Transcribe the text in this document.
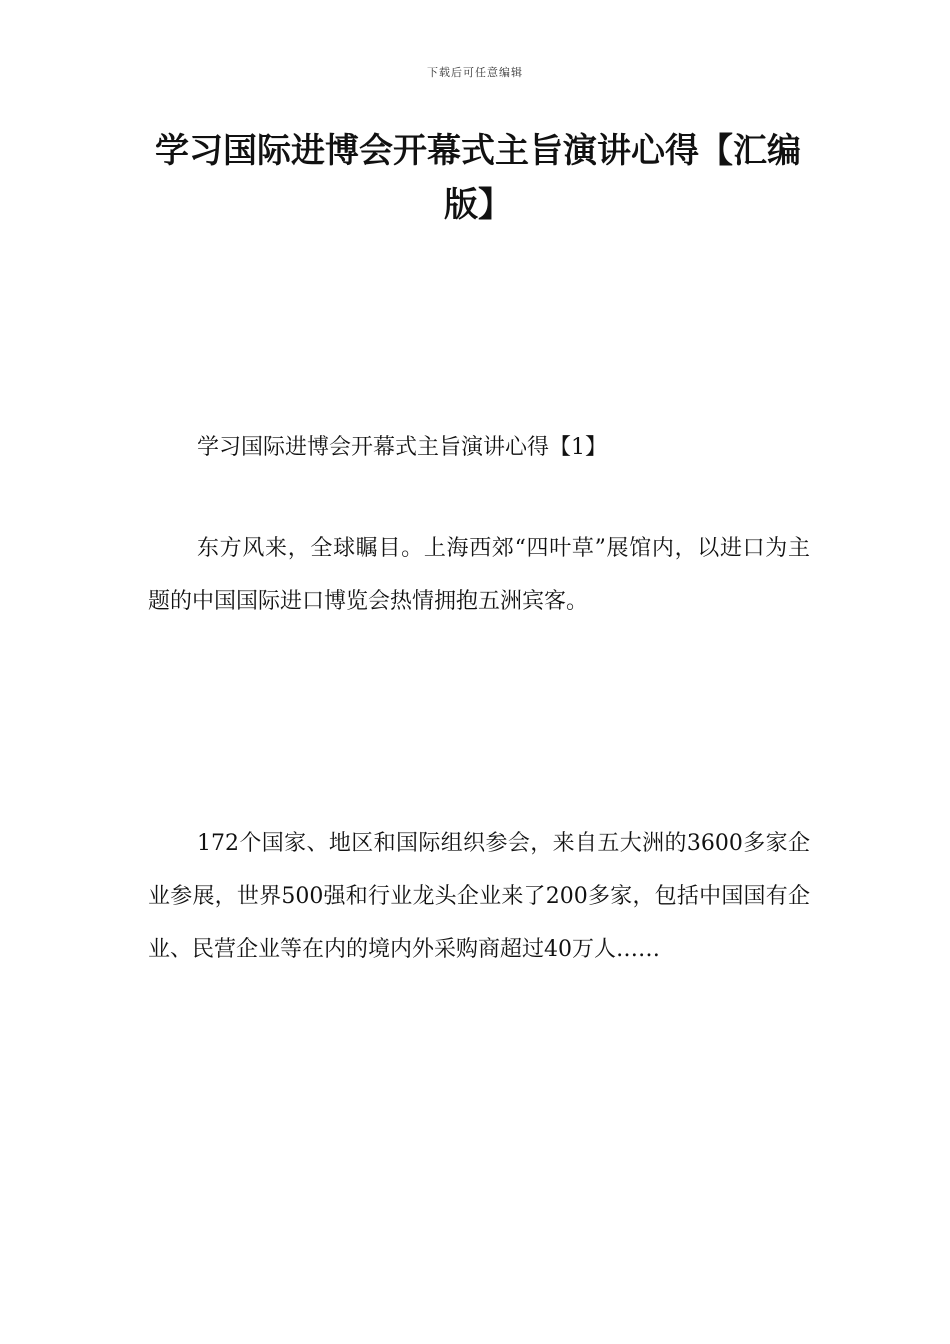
下载后可任意编辑
学习国际进博会开幕式主旨演讲心得【汇编版】
学习国际进博会开幕式主旨演讲心得【1】

东方风来，全球瞩目。上海西郊“四叶草”展馆内，以进口为主题的中国国际进口博览会热情拥抱五洲宾客。

172个国家、地区和国际组织参会，来自五大洲的3600多家企业参展，世界500强和行业龙头企业来了200多家，包括中国国有企业、民营企业等在内的境内外采购商超过40万人……
